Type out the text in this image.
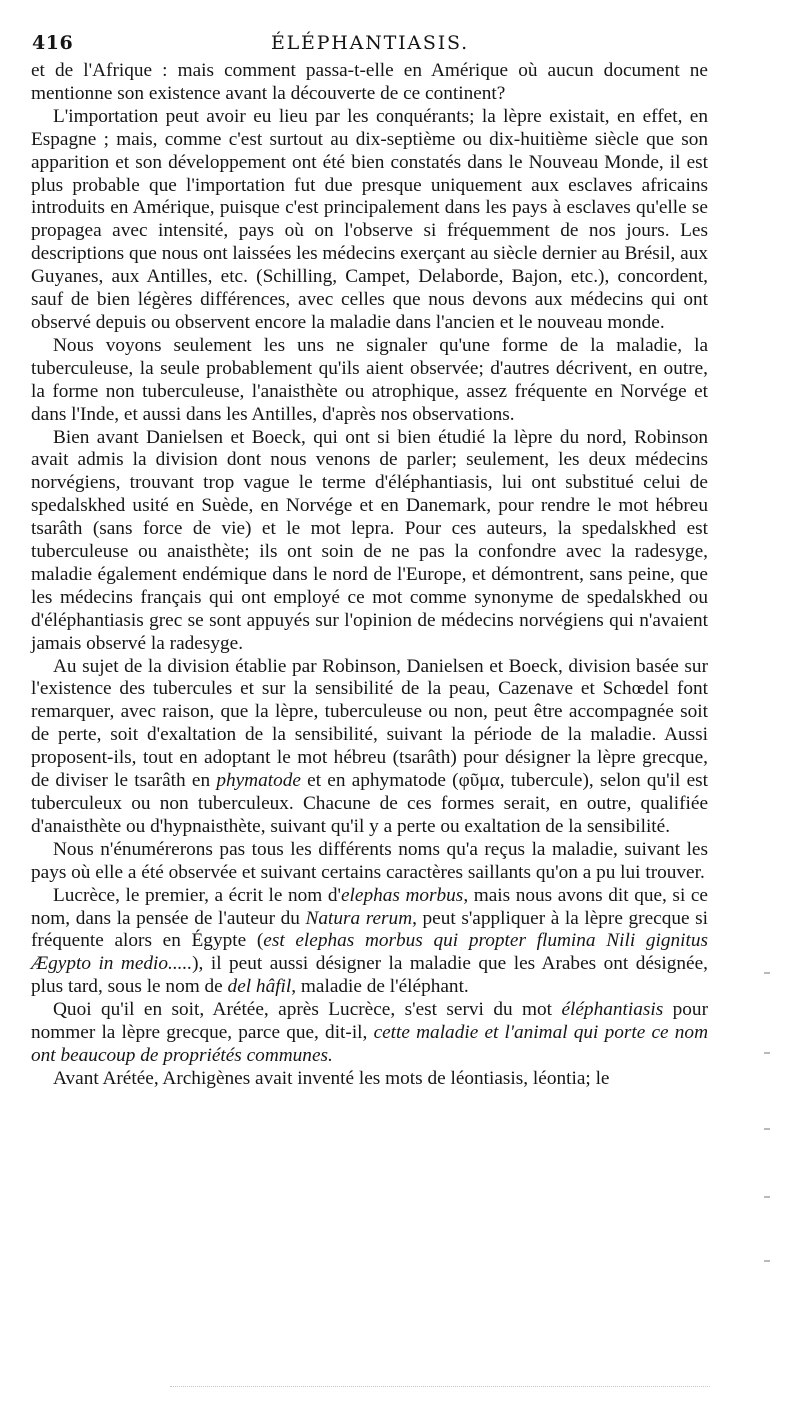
416	ÉLÉPHANTIASIS.

et de l'Afrique : mais comment passa-t-elle en Amérique où aucun document ne mentionne son existence avant la découverte de ce continent?

L'importation peut avoir eu lieu par les conquérants; la lèpre existait, en effet, en Espagne ; mais, comme c'est surtout au dix-septième ou dix-huitième siècle que son apparition et son développement ont été bien constatés dans le Nouveau Monde, il est plus probable que l'importation fut due presque uniquement aux esclaves africains introduits en Amérique, puisque c'est principalement dans les pays à esclaves qu'elle se propagea avec intensité, pays où on l'observe si fréquemment de nos jours. Les descriptions que nous ont laissées les médecins exerçant au siècle dernier au Brésil, aux Guyanes, aux Antilles, etc. (Schilling, Campet, Delaborde, Bajon, etc.), concordent, sauf de bien légères différences, avec celles que nous devons aux médecins qui ont observé depuis ou observent encore la maladie dans l'ancien et le nouveau monde.

Nous voyons seulement les uns ne signaler qu'une forme de la maladie, la tuberculeuse, la seule probablement qu'ils aient observée; d'autres décrivent, en outre, la forme non tuberculeuse, l'anaisthète ou atrophique, assez fréquente en Norvége et dans l'Inde, et aussi dans les Antilles, d'après nos observations.

Bien avant Danielsen et Boeck, qui ont si bien étudié la lèpre du nord, Robinson avait admis la division dont nous venons de parler; seulement, les deux médecins norvégiens, trouvant trop vague le terme d'éléphantiasis, lui ont substitué celui de spedalskhed usité en Suède, en Norvége et en Danemark, pour rendre le mot hébreu tsarâth (sans force de vie) et le mot lepra. Pour ces auteurs, la spedalskhed est tuberculeuse ou anaisthète; ils ont soin de ne pas la confondre avec la radesyge, maladie également endémique dans le nord de l'Europe, et démontrent, sans peine, que les médecins français qui ont employé ce mot comme synonyme de spedalskhed ou d'éléphantiasis grec se sont appuyés sur l'opinion de médecins norvégiens qui n'avaient jamais observé la radesyge.

Au sujet de la division établie par Robinson, Danielsen et Boeck, division basée sur l'existence des tubercules et sur la sensibilité de la peau, Cazenave et Schœdel font remarquer, avec raison, que la lèpre, tuberculeuse ou non, peut être accompagnée soit de perte, soit d'exaltation de la sensibilité, suivant la période de la maladie. Aussi proposent-ils, tout en adoptant le mot hébreu (tsarâth) pour désigner la lèpre grecque, de diviser le tsarâth en phymatode et en aphymatode (φῦμα, tubercule), selon qu'il est tuberculeux ou non tuberculeux. Chacune de ces formes serait, en outre, qualifiée d'anaisthète ou d'hypnaisthète, suivant qu'il y a perte ou exaltation de la sensibilité.

Nous n'énumérerons pas tous les différents noms qu'a reçus la maladie, suivant les pays où elle a été observée et suivant certains caractères saillants qu'on a pu lui trouver.

Lucrèce, le premier, a écrit le nom d'elephas morbus, mais nous avons dit que, si ce nom, dans la pensée de l'auteur du Natura rerum, peut s'appliquer à la lèpre grecque si fréquente alors en Égypte (est elephas morbus qui propter flumina Nili gignitus Ægypto in medio.....), il peut aussi désigner la maladie que les Arabes ont désignée, plus tard, sous le nom de del hâfil, maladie de l'éléphant.

Quoi qu'il en soit, Arétée, après Lucrèce, s'est servi du mot éléphantiasis pour nommer la lèpre grecque, parce que, dit-il, cette maladie et l'animal qui porte ce nom ont beaucoup de propriétés communes.

Avant Arétée, Archigènes avait inventé les mots de léontiasis, léontia; le
